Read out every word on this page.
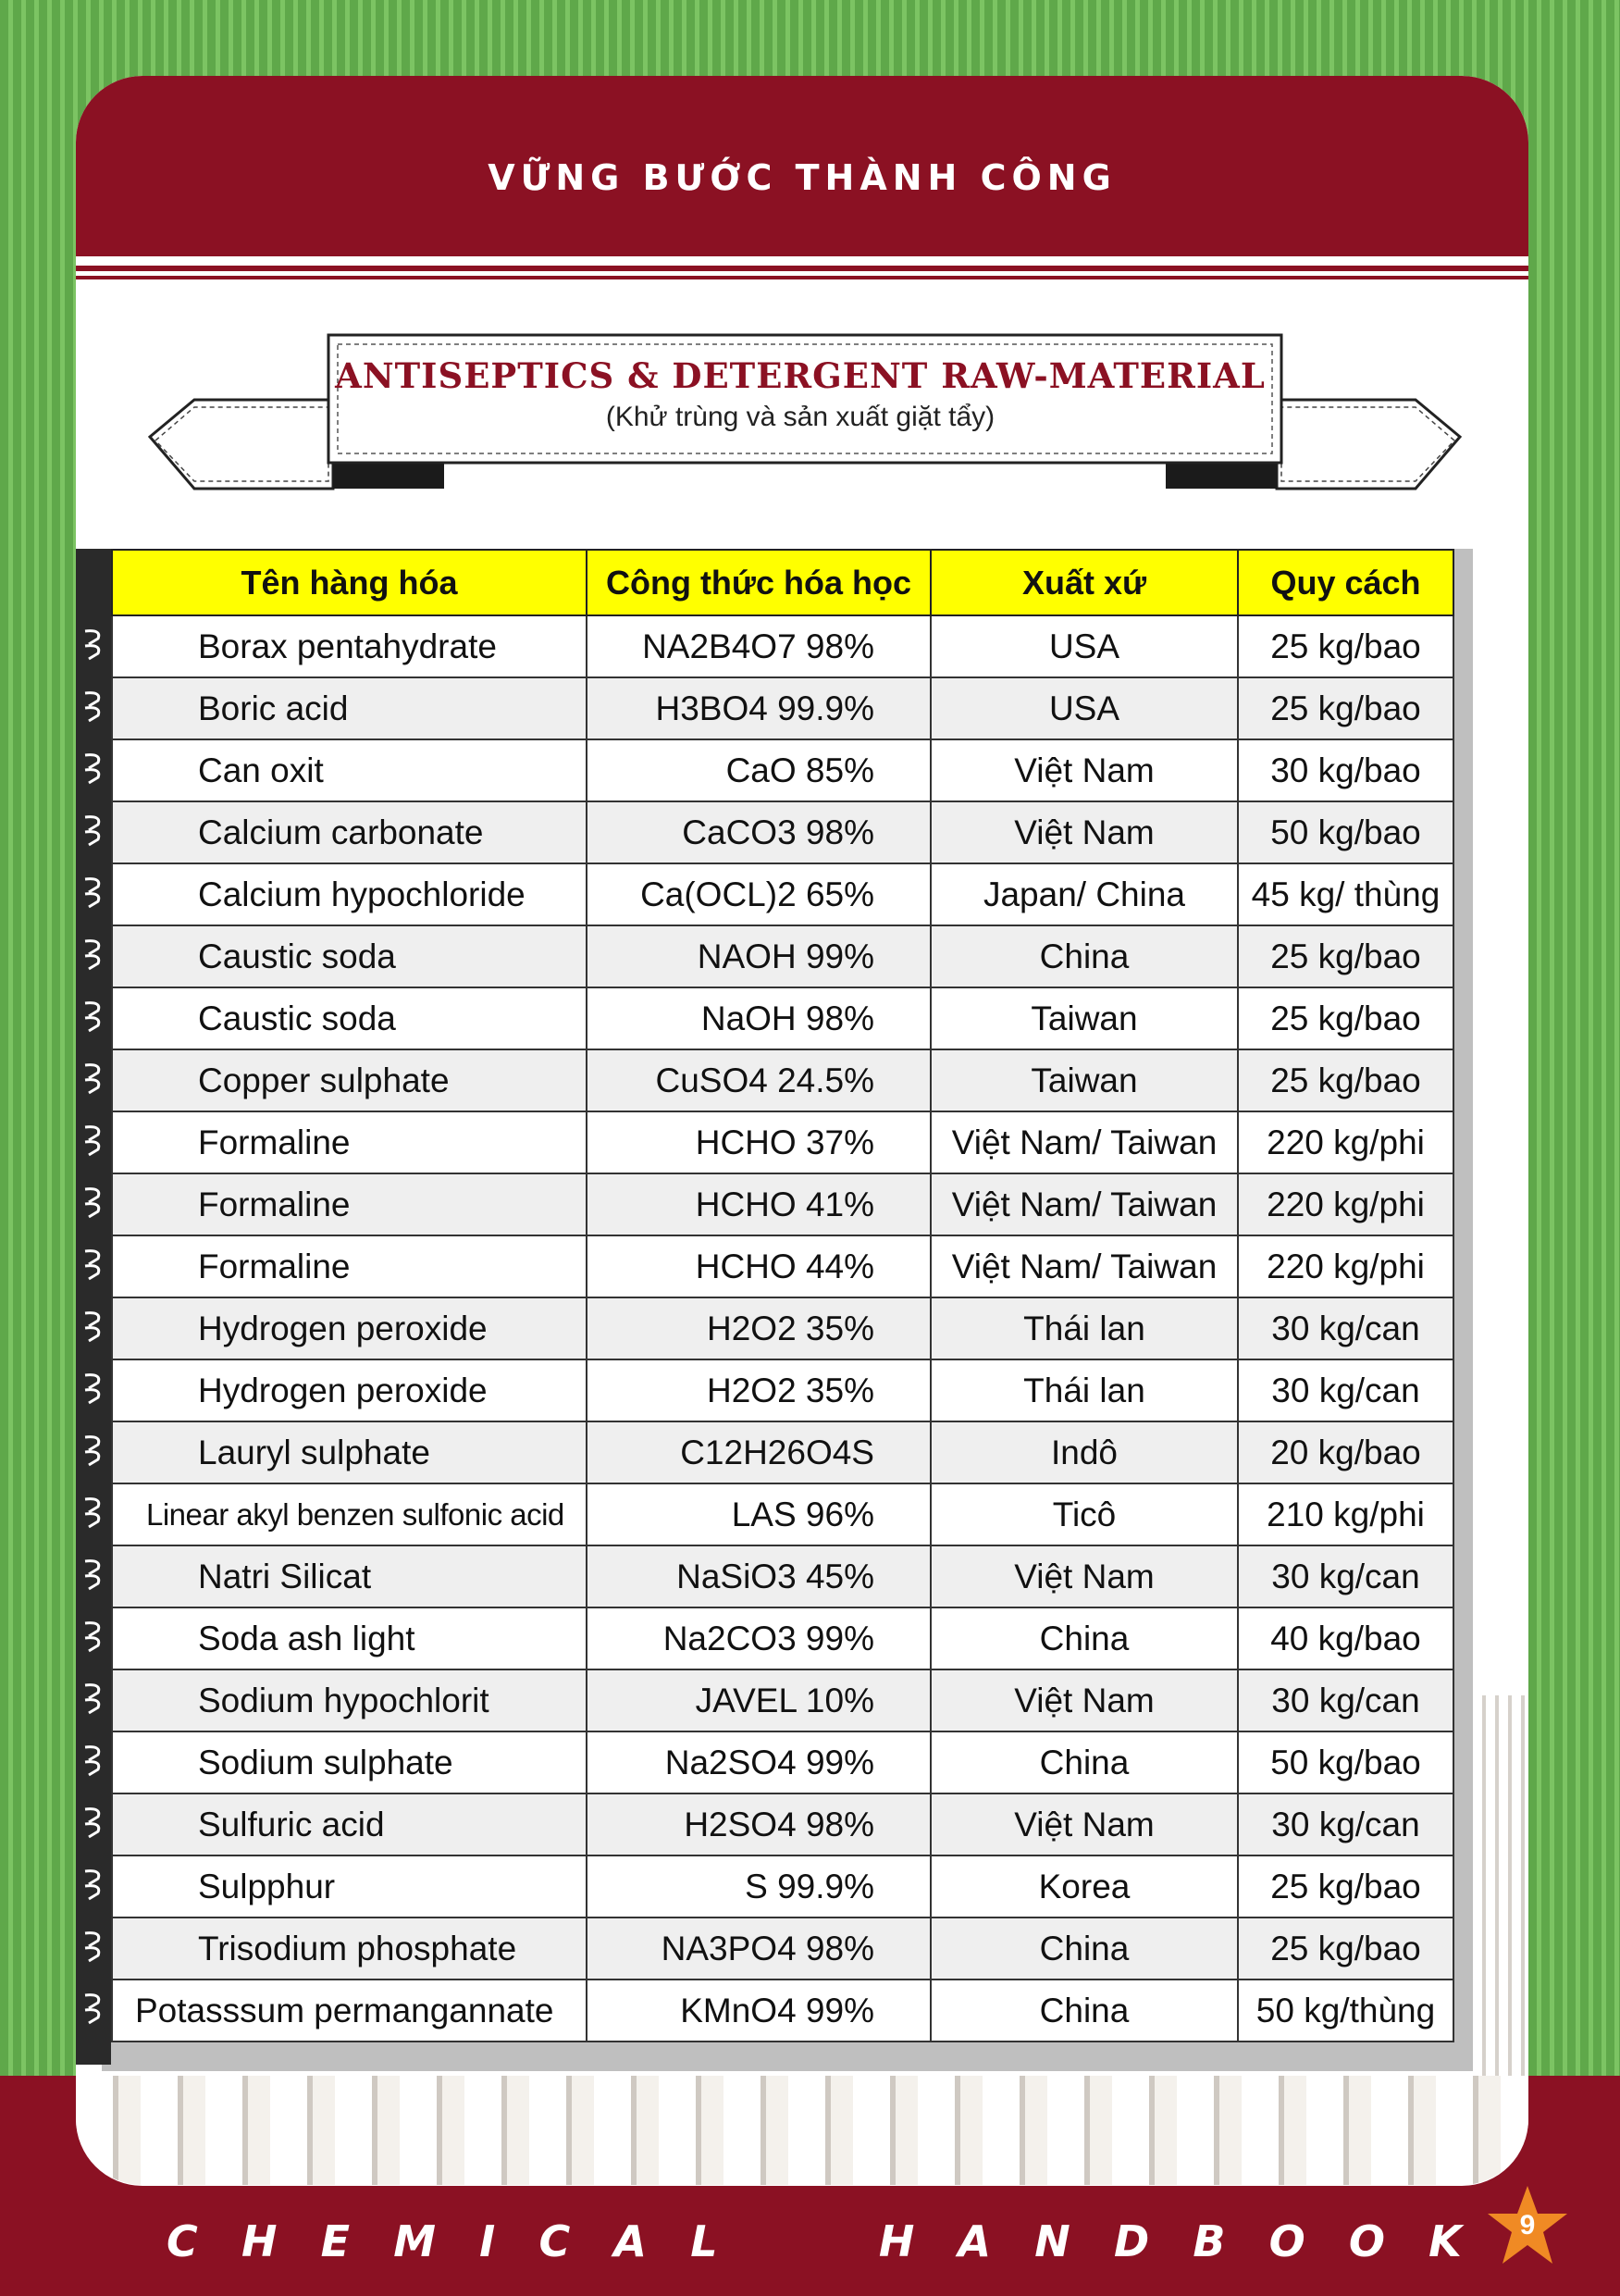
VỮNG BƯỚC THÀNH CÔNG
ANTISEPTICS & DETERGENT RAW-MATERIAL
(Khử trùng và sản xuất giặt tẩy)
Tên hàng hóa	Công thức hóa học	Xuất xứ	Quy cách
Borax pentahydrate	NA2B4O7 98%	USA	25 kg/bao
Boric acid	H3BO4 99.9%	USA	25 kg/bao
Can oxit	CaO 85%	Việt Nam	30 kg/bao
Calcium carbonate	CaCO3 98%	Việt Nam	50 kg/bao
Calcium hypochloride	Ca(OCL)2 65%	Japan/ China	45 kg/ thùng
Caustic soda	NAOH 99%	China	25 kg/bao
Caustic soda	NaOH 98%	Taiwan	25 kg/bao
Copper sulphate	CuSO4 24.5%	Taiwan	25 kg/bao
Formaline	HCHO 37%	Việt Nam/ Taiwan	220 kg/phi
Formaline	HCHO 41%	Việt Nam/ Taiwan	220 kg/phi
Formaline	HCHO 44%	Việt Nam/ Taiwan	220 kg/phi
Hydrogen peroxide	H2O2 35%	Thái lan	30 kg/can
Hydrogen peroxide	H2O2 35%	Thái lan	30 kg/can
Lauryl sulphate	C12H26O4S	Indô	20 kg/bao
Linear akyl benzen sulfonic acid	LAS 96%	Ticô	210 kg/phi
Natri Silicat	NaSiO3 45%	Việt Nam	30 kg/can
Soda ash light	Na2CO3 99%	China	40 kg/bao
Sodium hypochlorit	JAVEL 10%	Việt Nam	30 kg/can
Sodium sulphate	Na2SO4 99%	China	50 kg/bao
Sulfuric acid	H2SO4 98%	Việt Nam	30 kg/can
Sulpphur	S 99.9%	Korea	25 kg/bao
Trisodium phosphate	NA3PO4 98%	China	25 kg/bao
Potasssum permangannate	KMnO4 99%	China	50 kg/thùng
C H E M I C A L	H A N D B O O K	9
